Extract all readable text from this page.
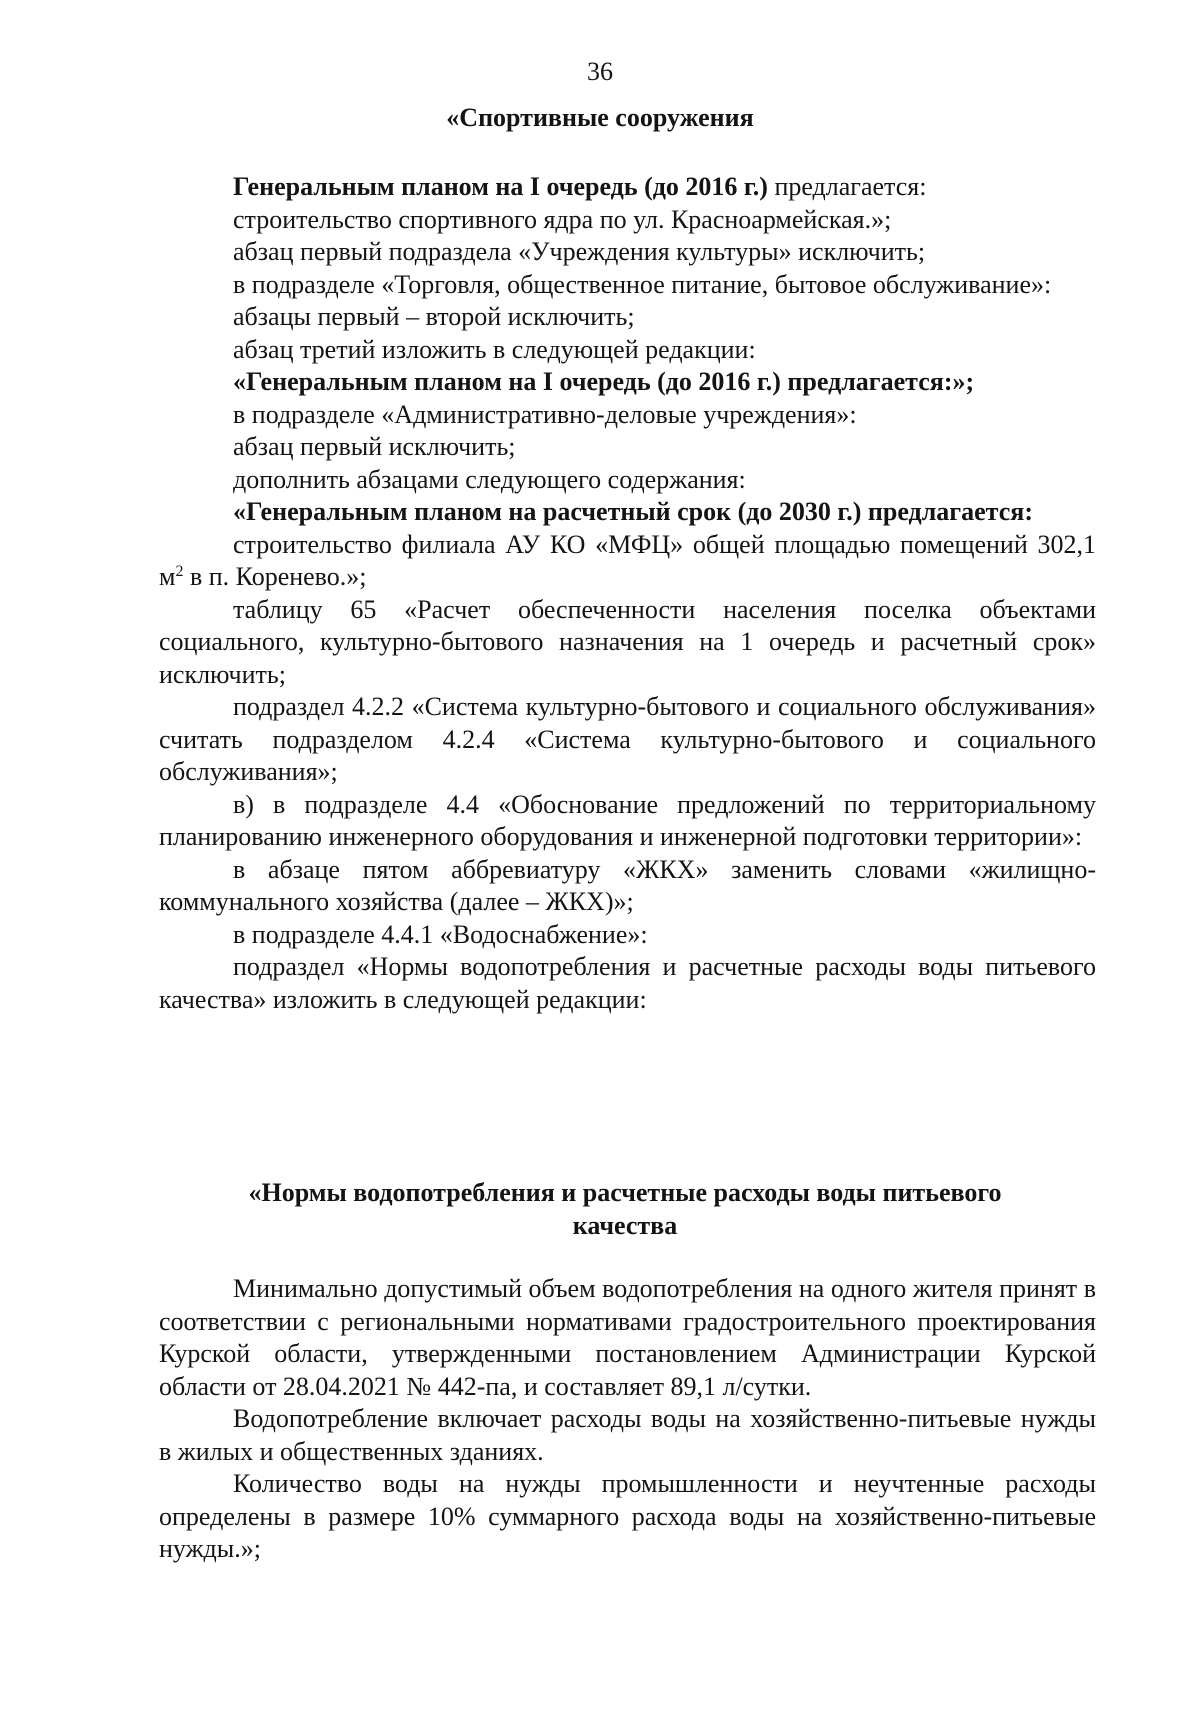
36
«Спортивные сооружения

Генеральным планом на I очередь (до 2016 г.) предлагается:

строительство спортивного ядра по ул. Красноармейская.»;

абзац первый подраздела «Учреждения культуры» исключить;

в подразделе «Торговля, общественное питание, бытовое обслуживание»:

абзацы первый – второй исключить;

абзац третий изложить в следующей редакции:

«Генеральным планом на I очередь (до 2016 г.) предлагается:»;

в подразделе «Административно-деловые учреждения»:

абзац первый исключить;

дополнить абзацами следующего содержания:

«Генеральным планом на расчетный срок (до 2030 г.) предлагается:

строительство филиала АУ КО «МФЦ» общей площадью помещений 302,1 $м^2$ в п. Коренево.»;

таблицу 65 «Расчет обеспеченности населения поселка объектами социального, культурно-бытового назначения на 1 очередь и расчетный срок» исключить;

подраздел 4.2.2 «Система культурно-бытового и социального обслуживания» считать подразделом 4.2.4 «Система культурно-бытового и социального обслуживания»;

в) в подразделе 4.4 «Обоснование предложений по территориальному планированию инженерного оборудования и инженерной подготовки территории»:

в абзаце пятом аббревиатуру «ЖКХ» заменить словами «жилищно-коммунального хозяйства (далее – ЖКХ)»;

в подразделе 4.4.1 «Водоснабжение»:

подраздел «Нормы водопотребления и расчетные расходы воды питьевого качества» изложить в следующей редакции:

«Нормы водопотребления и расчетные расходы воды питьевого качества

Минимально допустимый объем водопотребления на одного жителя принят в соответствии с региональными нормативами градостроительного проектирования Курской области, утвержденными постановлением Администрации Курской области от 28.04.2021 № 442-па, и составляет 89,1 л/сутки.

Водопотребление включает расходы воды на хозяйственно-питьевые нужды в жилых и общественных зданиях.

Количество воды на нужды промышленности и неучтенные расходы определены в размере 10% суммарного расхода воды на хозяйственно-питьевые нужды.»;
